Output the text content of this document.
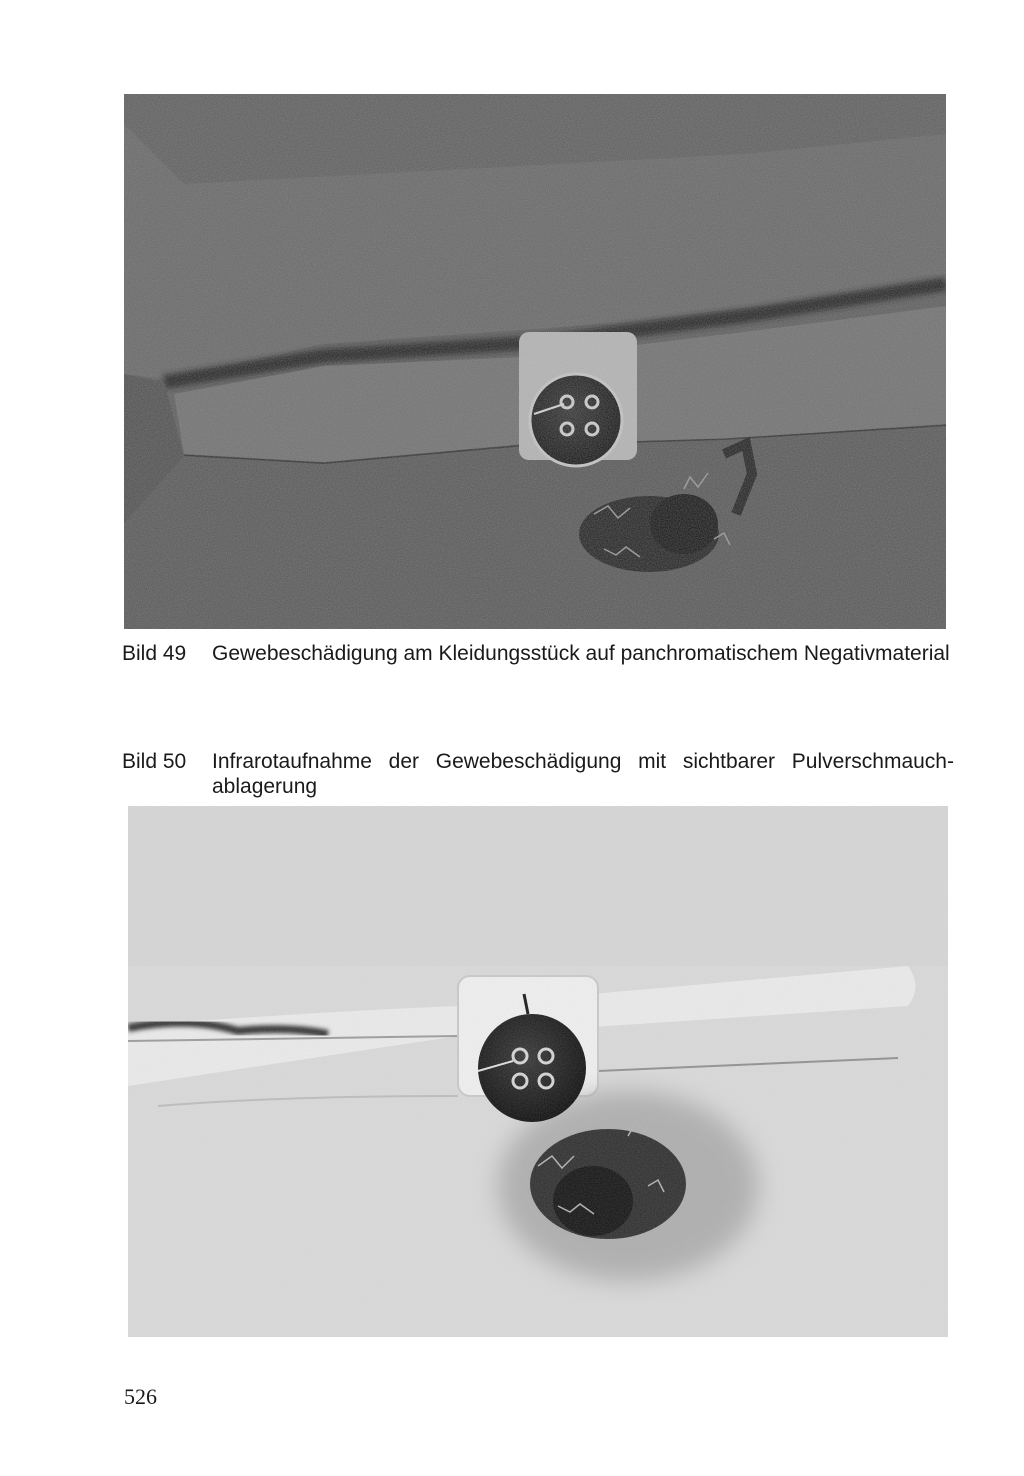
Bild 49	Gewebeschädigung am Kleidungsstück auf panchromatischem Negativmaterial
Bild 50	Infrarotaufnahme der Gewebeschädigung mit sichtbarer Pulverschmauchablagerung
526
